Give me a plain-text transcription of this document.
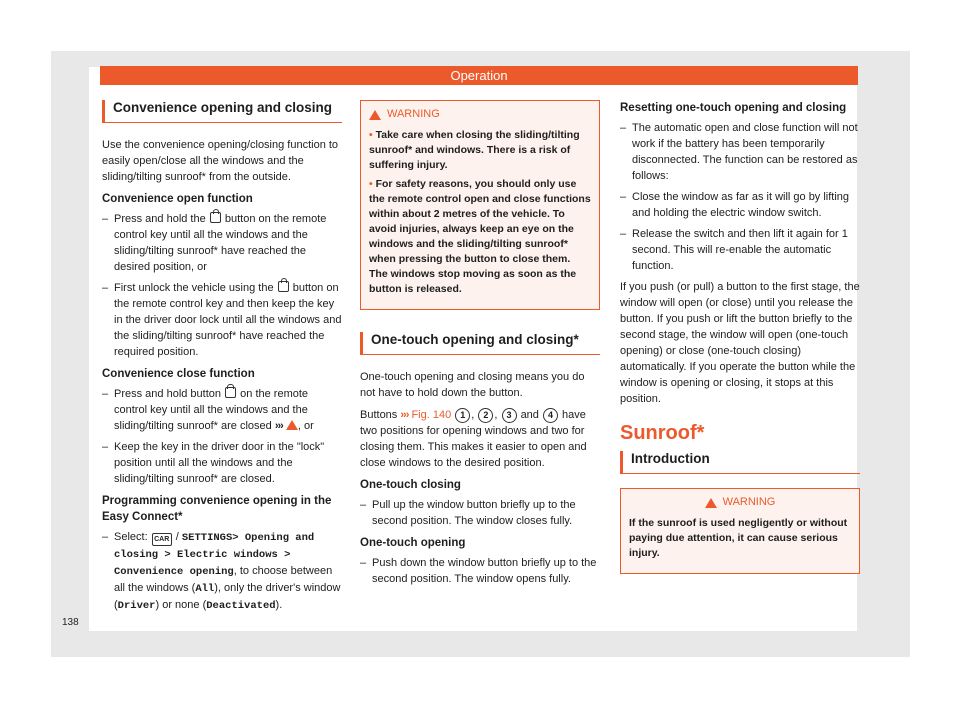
Operation
Convenience opening and closing
Use the convenience opening/closing function to easily open/close all the windows and the sliding/tilting sunroof* from the outside.
Convenience open function
– Press and hold the button on the remote control key until all the windows and the sliding/tilting sunroof* have reached the desired position, or
– First unlock the vehicle using the button on the remote control key and then keep the key in the driver door lock until all the windows and the sliding/tilting sunroof* have reached the required position.
Convenience close function
– Press and hold button on the remote control key until all the windows and the sliding/tilting sunroof* are closed ››› , or
– Keep the key in the driver door in the "lock" position until all the windows and the sliding/tilting sunroof* are closed.
Programming convenience opening in the Easy Connect*
– Select: CAR / SETTINGS> Opening and closing > Electric windows > Convenience opening, to choose between all the windows (All), only the driver's window (Driver) or none (Deactivated).
WARNING
• Take care when closing the sliding/tilting sunroof* and windows. There is a risk of suffering injury.
• For safety reasons, you should only use the remote control open and close functions within about 2 metres of the vehicle. To avoid injuries, always keep an eye on the windows and the sliding/tilting sunroof* when pressing the button to close them. The windows stop moving as soon as the button is released.
One-touch opening and closing*
One-touch opening and closing means you do not have to hold down the button.
Buttons ››› Fig. 140 1 , 2 , 3 and 4 have two positions for opening windows and two for closing them. This makes it easier to open and close windows to the desired position.
One-touch closing
– Pull up the window button briefly up to the second position. The window closes fully.
One-touch opening
– Push down the window button briefly up to the second position. The window opens fully.
Resetting one-touch opening and closing
– The automatic open and close function will not work if the battery has been temporarily disconnected. The function can be restored as follows:
– Close the window as far as it will go by lifting and holding the electric window switch.
– Release the switch and then lift it again for 1 second. This will re-enable the automatic function.
If you push (or pull) a button to the first stage, the window will open (or close) until you release the button. If you push or lift the button briefly to the second stage, the window will open (one-touch opening) or close (one-touch closing) automatically. If you operate the button while the window is opening or closing, it stops at this position.
Sunroof*
Introduction
WARNING
If the sunroof is used negligently or without paying due attention, it can cause serious injury.
138
